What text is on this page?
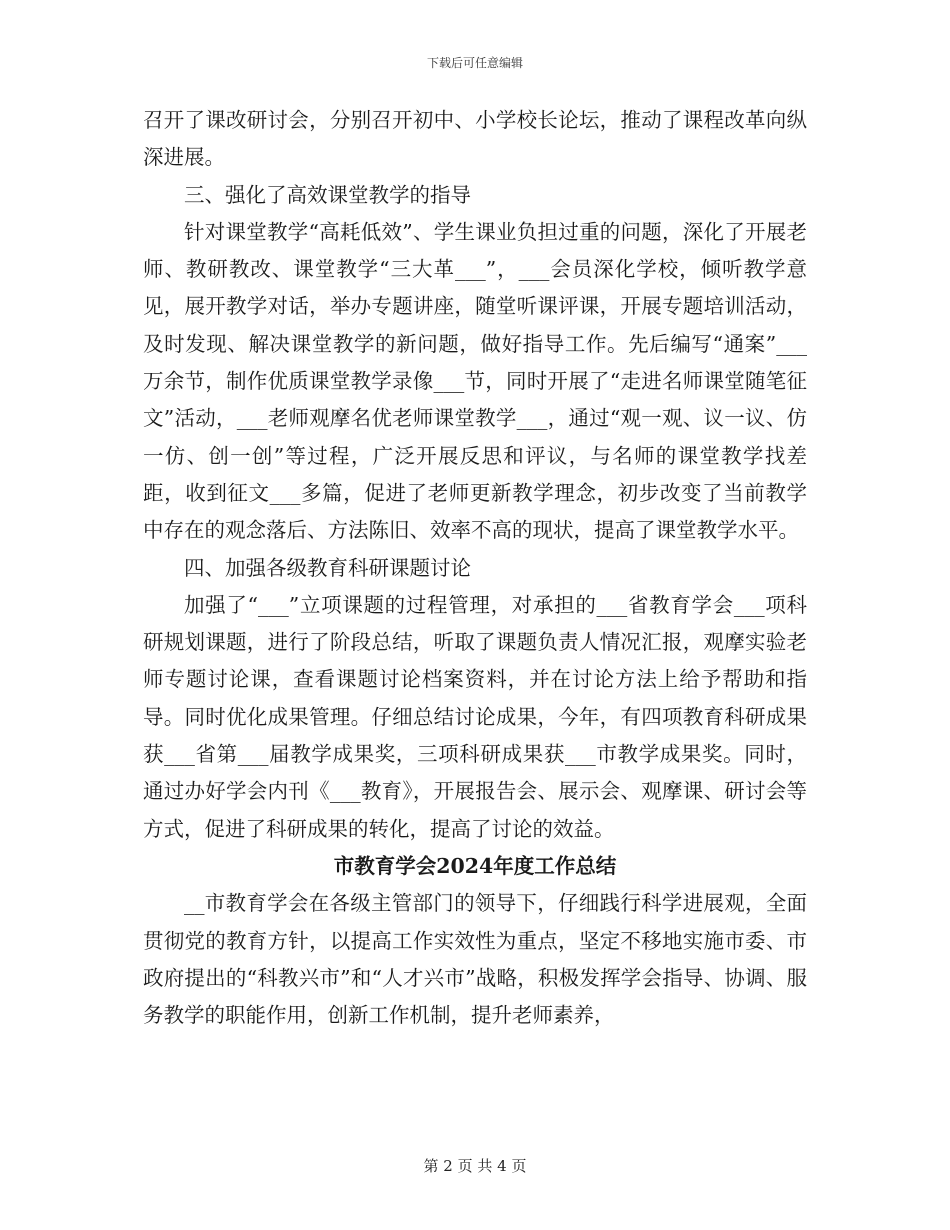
下载后可任意编辑

召开了课改研讨会，分别召开初中、小学校长论坛，推动了课程改革向纵深进展。

三、强化了高效课堂教学的指导

针对课堂教学“高耗低效”、学生课业负担过重的问题，深化了开展老师、教研教改、课堂教学“三大革___”，___会员深化学校，倾听教学意见，展开教学对话，举办专题讲座，随堂听课评课，开展专题培训活动，及时发现、解决课堂教学的新问题，做好指导工作。先后编写“通案”___万余节，制作优质课堂教学录像___节，同时开展了“走进名师课堂随笔征文”活动，___老师观摩名优老师课堂教学___，通过“观一观、议一议、仿一仿、创一创”等过程，广泛开展反思和评议，与名师的课堂教学找差距，收到征文___多篇，促进了老师更新教学理念，初步改变了当前教学中存在的观念落后、方法陈旧、效率不高的现状，提高了课堂教学水平。

四、加强各级教育科研课题讨论

加强了“___”立项课题的过程管理，对承担的___省教育学会___项科研规划课题，进行了阶段总结，听取了课题负责人情况汇报，观摩实验老师专题讨论课，查看课题讨论档案资料，并在讨论方法上给予帮助和指导。同时优化成果管理。仔细总结讨论成果，今年，有四项教育科研成果获___省第___届教学成果奖，三项科研成果获___市教学成果奖。同时，通过办好学会内刊《___教育》，开展报告会、展示会、观摩课、研讨会等方式，促进了科研成果的转化，提高了讨论的效益。

市教育学会2024年度工作总结

__市教育学会在各级主管部门的领导下，仔细践行科学进展观，全面贯彻党的教育方针，以提高工作实效性为重点，坚定不移地实施市委、市政府提出的“科教兴市”和“人才兴市”战略，积极发挥学会指导、协调、服务教学的职能作用，创新工作机制，提升老师素养，

第 2 页 共 4 页
